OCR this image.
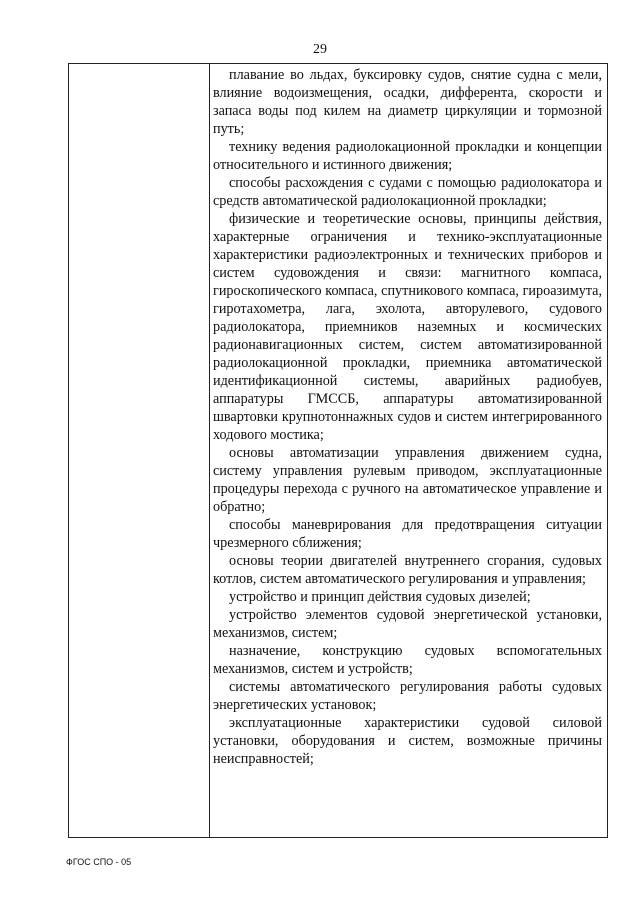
29

плавание во льдах, буксировку судов, снятие судна с мели, влияние водоизмещения, осадки, дифферента, скорости и запаса воды под килем на диаметр циркуляции и тормозной путь;

технику ведения радиолокационной прокладки и концепции относительного и истинного движения;

способы расхождения с судами с помощью радиолокатора и средств автоматической радиолокационной прокладки;

физические и теоретические основы, принципы действия, характерные ограничения и технико-эксплуатационные характеристики радиоэлектронных и технических приборов и систем судовождения и связи: магнитного компаса, гироскопического компаса, спутникового компаса, гироазимута, гиротахометра, лага, эхолота, авторулевого, судового радиолокатора, приемников наземных и космических радионавигационных систем, систем автоматизированной радиолокационной прокладки, приемника автоматической идентификационной системы, аварийных радиобуев, аппаратуры ГМССБ, аппаратуры автоматизированной швартовки крупнотоннажных судов и систем интегрированного ходового мостика;

основы автоматизации управления движением судна, систему управления рулевым приводом, эксплуатационные процедуры перехода с ручного на автоматическое управление и обратно;

способы маневрирования для предотвращения ситуации чрезмерного сближения;

основы теории двигателей внутреннего сгорания, судовых котлов, систем автоматического регулирования и управления;

устройство и принцип действия судовых дизелей;

устройство элементов судовой энергетической установки, механизмов, систем;

назначение, конструкцию судовых вспомогательных механизмов, систем и устройств;

системы автоматического регулирования работы судовых энергетических установок;

эксплуатационные характеристики судовой силовой установки, оборудования и систем, возможные причины неисправностей;

ФГОС СПО - 05
